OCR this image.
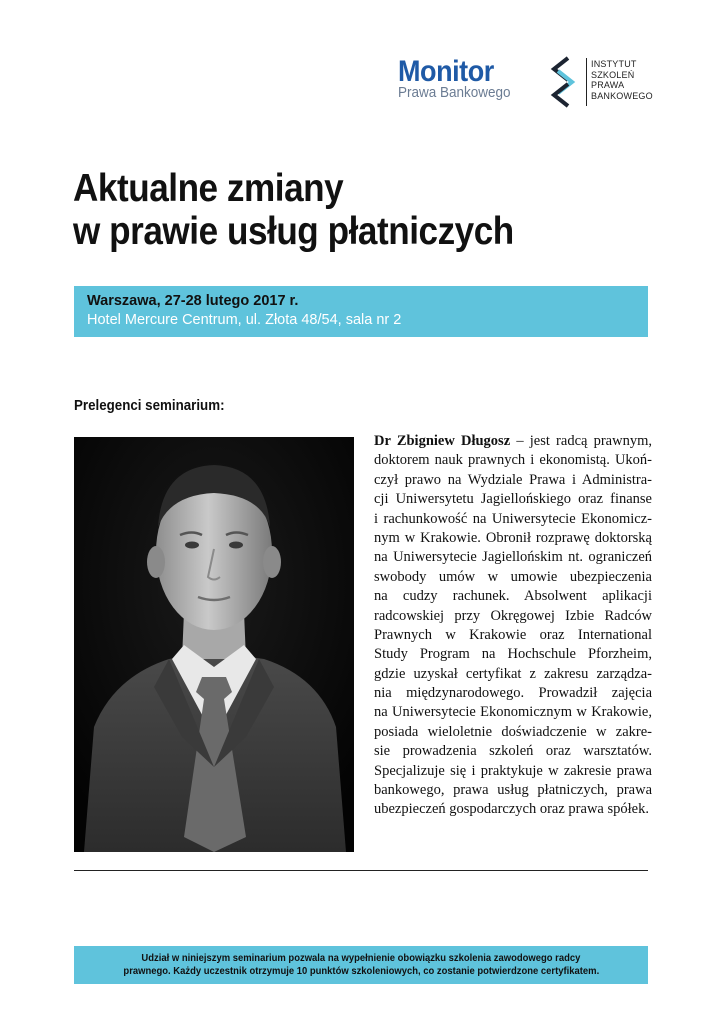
Monitor
Prawa Bankowego
INSTYTUT
SZKOLEŃ
PRAWA
BANKOWEGO
Aktualne zmiany
w prawie usług płatniczych
Warszawa, 27-28 lutego 2017 r.
Hotel Mercure Centrum, ul. Złota 48/54, sala nr 2
Prelegenci seminarium:
Dr Zbigniew Długosz – jest radcą prawnym,
doktorem nauk prawnych i ekonomistą. Ukoń-
czył prawo na Wydziale Prawa i Administra-
cji Uniwersytetu Jagiellońskiego oraz finanse
i rachunkowość na Uniwersytecie Ekonomicz-
nym w Krakowie. Obronił rozprawę doktorską
na Uniwersytecie Jagiellońskim nt. ograniczeń
swobody umów w umowie ubezpieczenia
na cudzy rachunek. Absolwent aplikacji
radcowskiej przy Okręgowej Izbie Radców
Prawnych w Krakowie oraz International
Study Program na Hochschule Pforzheim,
gdzie uzyskał certyfikat z zakresu zarządza-
nia międzynarodowego. Prowadził zajęcia
na Uniwersytecie Ekonomicznym w Krakowie,
posiada wieloletnie doświadczenie w zakre-
sie prowadzenia szkoleń oraz warsztatów.
Specjalizuje się i praktykuje w zakresie prawa
bankowego, prawa usług płatniczych, prawa
ubezpieczeń gospodarczych oraz prawa spółek.
Udział w niniejszym seminarium pozwala na wypełnienie obowiązku szkolenia zawodowego radcy
prawnego. Każdy uczestnik otrzymuje 10 punktów szkoleniowych, co zostanie potwierdzone certyfikatem.
